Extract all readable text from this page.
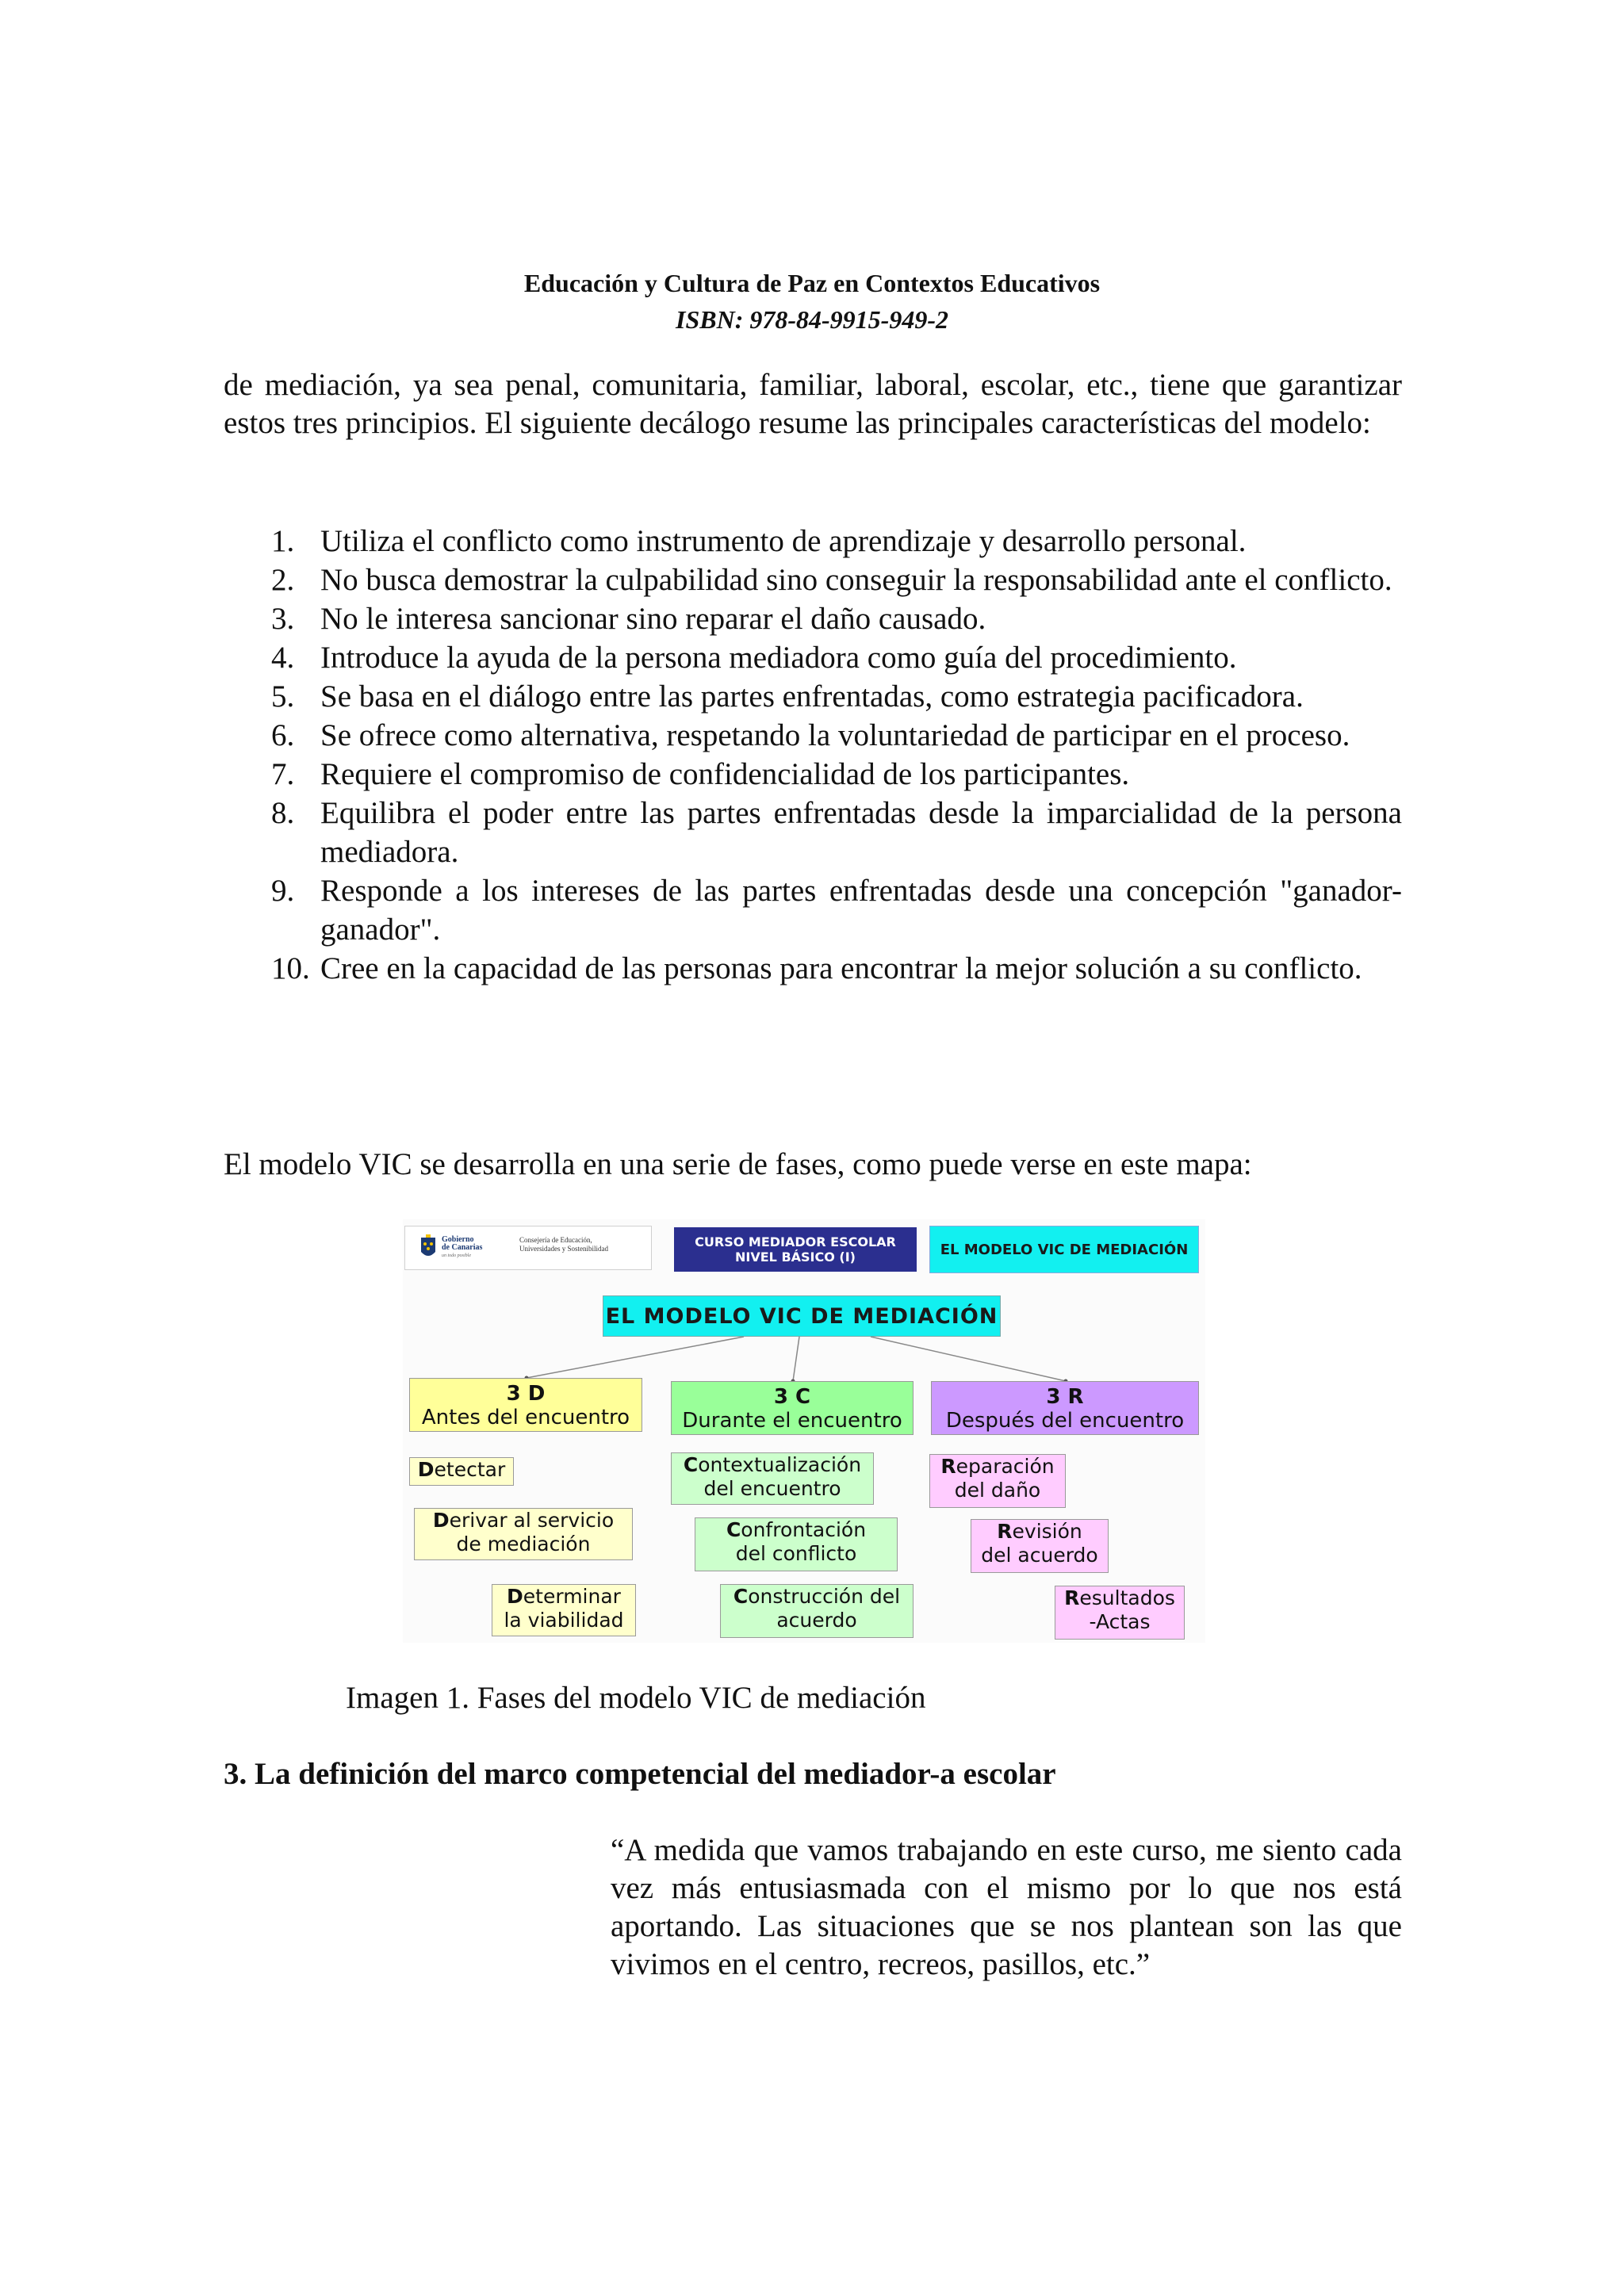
Educación y Cultura de Paz en Contextos Educativos
ISBN: 978-84-9915-949-2

de mediación, ya sea penal, comunitaria, familiar, laboral, escolar, etc., tiene que garantizar estos tres principios. El siguiente decálogo resume las principales características del modelo:

1. Utiliza el conflicto como instrumento de aprendizaje y desarrollo personal.
2. No busca demostrar la culpabilidad sino conseguir la responsabilidad ante el conflicto.
3. No le interesa sancionar sino reparar el daño causado.
4. Introduce la ayuda de la persona mediadora como guía del procedimiento.
5. Se basa en el diálogo entre las partes enfrentadas, como estrategia pacificadora.
6. Se ofrece como alternativa, respetando la voluntariedad de participar en el proceso.
7. Requiere el compromiso de confidencialidad de los participantes.
8. Equilibra el poder entre las partes enfrentadas desde la imparcialidad de la persona mediadora.
9. Responde a los intereses de las partes enfrentadas desde una concepción "ganador-ganador".
10. Cree en la capacidad de las personas para encontrar la mejor solución a su conflicto.
El modelo VIC se desarrolla en una serie de fases, como puede verse en este mapa:
Gobierno
de Canarias
un todo posible
Consejería de Educación,
Universidades y Sostenibilidad	CURSO MEDIADOR ESCOLAR
NIVEL BÁSICO (I)	EL MODELO VIC DE MEDIACIÓN
EL MODELO VIC DE MEDIACIÓN
3 D
Antes del encuentro
3 C
Durante el encuentro
3 R
Después del encuentro
Detectar
Derivar al servicio
de mediación
Determinar
la viabilidad
Contextualización
del encuentro
Confrontación
del conflicto
Construcción del
acuerdo
Reparación
del daño
Revisión
del acuerdo
Resultados
-Actas
Imagen 1. Fases del modelo VIC de mediación
3. La definición del marco competencial del mediador-a escolar

“A medida que vamos trabajando en este curso, me siento cada vez más entusiasmada con el mismo por lo que nos está aportando. Las situaciones que se nos plantean son las que vivimos en el centro, recreos, pasillos, etc.”
